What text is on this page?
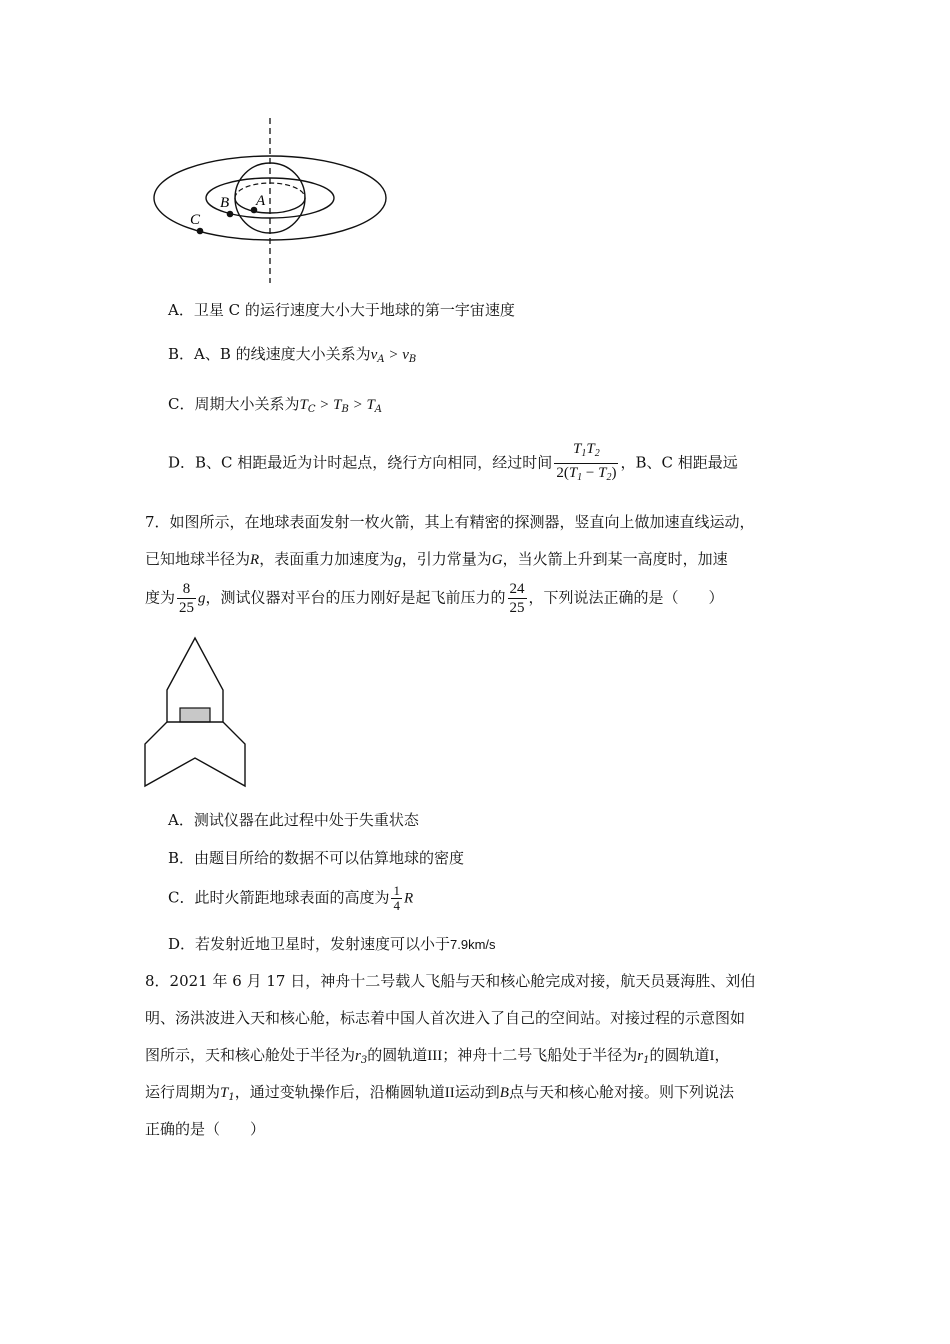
A
B
C
A．卫星 C 的运行速度大小大于地球的第一宇宙速度
B．A、B 的线速度大小关系为$v_A > v_B$
C．周期大小关系为$T_C > T_B > T_A$
D．B、C 相距最近为计时起点，绕行方向相同，经过时间 $\frac{T_1T_2}{2(T_1 - T_2)}$ ，B、C 相距最远
7．如图所示，在地球表面发射一枚火箭，其上有精密的探测器，竖直向上做加速直线运动，
已知地球半径为R，表面重力加速度为g，引力常量为G，当火箭上升到某一高度时，加速
度为 $\frac{8}{25}$ g，测试仪器对平台的压力刚好是起飞前压力的 $\frac{24}{25}$ ，下列说法正确的是（　　）
A．测试仪器在此过程中处于失重状态
B．由题目所给的数据不可以估算地球的密度
C．此时火箭距地球表面的高度为 $\frac{1}{4}$ R
D．若发射近地卫星时，发射速度可以小于7.9km/s
8．2021 年 6 月 17 日，神舟十二号载人飞船与天和核心舱完成对接，航天员聂海胜、刘伯
明、汤洪波进入天和核心舱，标志着中国人首次进入了自己的空间站。对接过程的示意图如
图所示，天和核心舱处于半径为$r_3$的圆轨道III；神舟十二号飞船处于半径为$r_1$的圆轨道I，
运行周期为$T_1$，通过变轨操作后，沿椭圆轨道II运动到B点与天和核心舱对接。则下列说法
正确的是（　　）
